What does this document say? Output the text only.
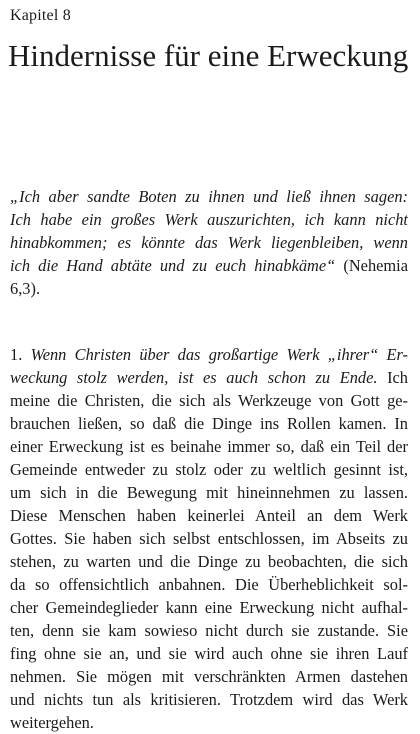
Kapitel 8
Hindernisse für eine Erweckung
„Ich aber sandte Boten zu ihnen und ließ ihnen sagen:
Ich habe ein großes Werk auszurichten, ich kann nicht
hinabkommen; es könnte das Werk liegenbleiben, wenn
ich die Hand abtäte und zu euch hinabkäme“ (Nehemia
6,3).
1. Wenn Christen über das großartige Werk „ihrer“ Er-
weckung stolz werden, ist es auch schon zu Ende. Ich
meine die Christen, die sich als Werkzeuge von Gott ge-
brauchen ließen, so daß die Dinge ins Rollen kamen. In
einer Erweckung ist es beinahe immer so, daß ein Teil der
Gemeinde entweder zu stolz oder zu weltlich gesinnt ist,
um sich in die Bewegung mit hineinnehmen zu lassen.
Diese Menschen haben keinerlei Anteil an dem Werk
Gottes. Sie haben sich selbst entschlossen, im Abseits zu
stehen, zu warten und die Dinge zu beobachten, die sich
da so offensichtlich anbahnen. Die Überheblichkeit sol-
cher Gemeindeglieder kann eine Erweckung nicht aufhal-
ten, denn sie kam sowieso nicht durch sie zustande. Sie
fing ohne sie an, und sie wird auch ohne sie ihren Lauf
nehmen. Sie mögen mit verschränkten Armen dastehen
und nichts tun als kritisieren. Trotzdem wird das Werk
weitergehen.
